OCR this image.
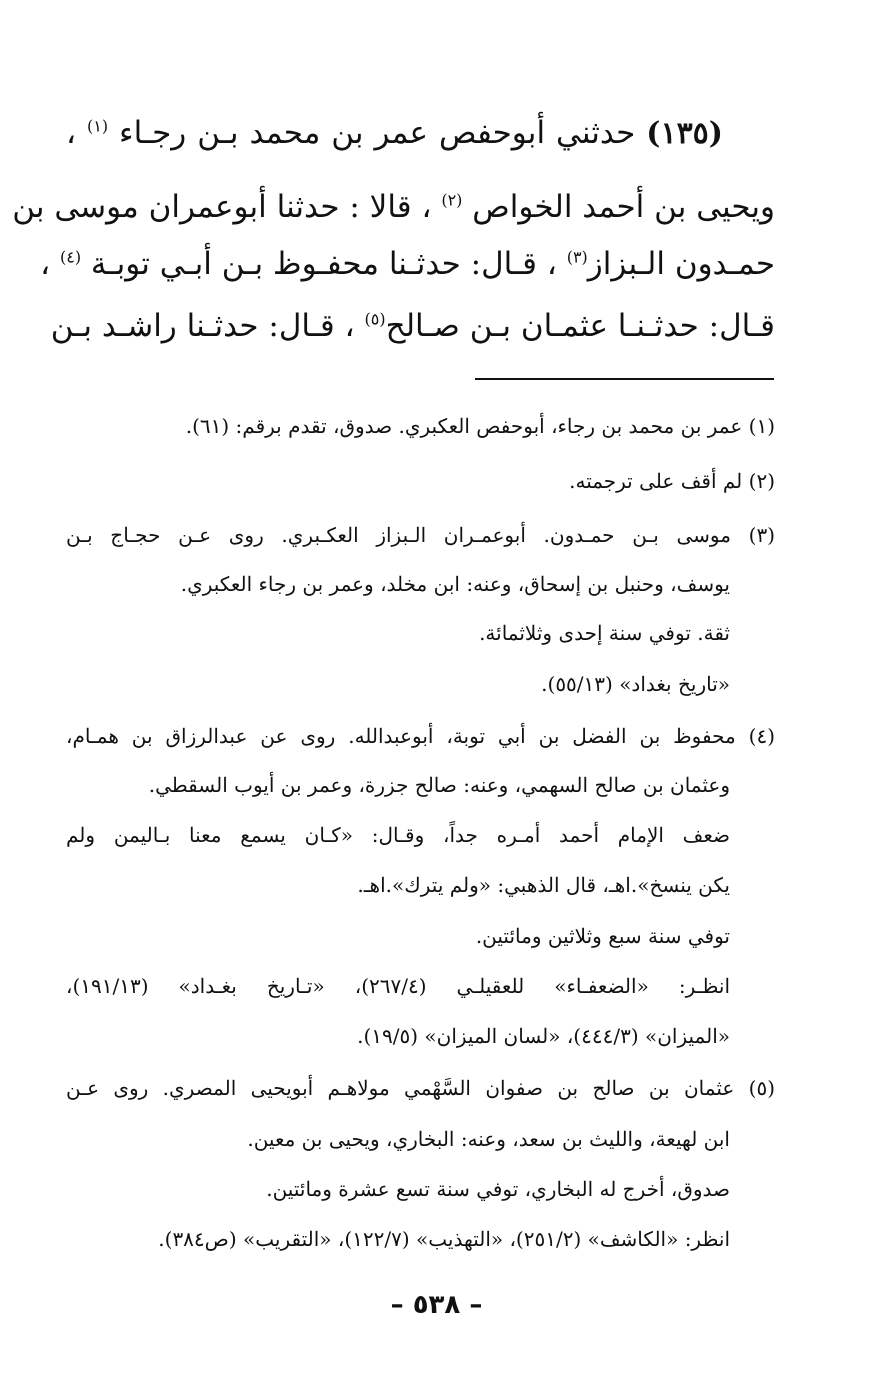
(١٣٥) حدثني أبوحفص عمر بن محمد بـن رجـاء $^{(١)}$ ،
ويحيى بن أحمد الخواص $^{(٢)}$ ، قالا : حدثنا أبوعمران موسى بن
حمـدون الـبزاز$^{(٣)}$ ، قـال: حدثـنا محفـوظ بـن أبـي توبـة $^{(٤)}$ ،
قـال: حدثـنـا عثمـان بـن صـالح$^{(٥)}$ ، قـال: حدثـنا راشـد بـن
(١) عمر بن محمد بن رجاء، أبوحفص العكبري. صدوق، تقدم برقم: (٦١).
(٢) لم أقف على ترجمته.
(٣) موسى بـن حمـدون. أبوعمـران الـبزاز العكـبري. روى عـن حجـاج بـن
يوسف، وحنبل بن إسحاق، وعنه: ابن مخلد، وعمر بن رجاء العكبري.
ثقة. توفي سنة إحدى وثلاثمائة.
«تاريخ بغداد» (٥٥/١٣).
(٤) محفوظ بن الفضل بن أبي توبة، أبوعبدالله. روى عن عبدالرزاق بن همـام،
وعثمان بن صالح السهمي، وعنه: صالح جزرة، وعمر بن أيوب السقطي.
ضعف الإمام أحمد أمـره جداً، وقـال: «كـان يسمع معنا بـاليمن ولم
يكن ينسخ».اهـ، قال الذهبي: «ولم يترك».اهـ.
توفي سنة سبع وثلاثين ومائتين.
انظـر: «الضعفـاء» للعقيلـي (٢٦٧/٤)، «تـاريخ بغـداد» (١٩١/١٣)،
«الميزان» (٤٤٤/٣)، «لسان الميزان» (١٩/٥).
(٥) عثمان بن صالح بن صفوان السَّهْمي مولاهـم أبويحيى المصري. روى عـن
ابن لهيعة، والليث بن سعد، وعنه: البخاري، ويحيى بن معين.
صدوق، أخرج له البخاري، توفي سنة تسع عشرة ومائتين.
انظر: «الكاشف» (٢٥١/٢)، «التهذيب» (١٢٢/٧)، «التقريب» (ص٣٨٤).
– ٥٣٨ –
